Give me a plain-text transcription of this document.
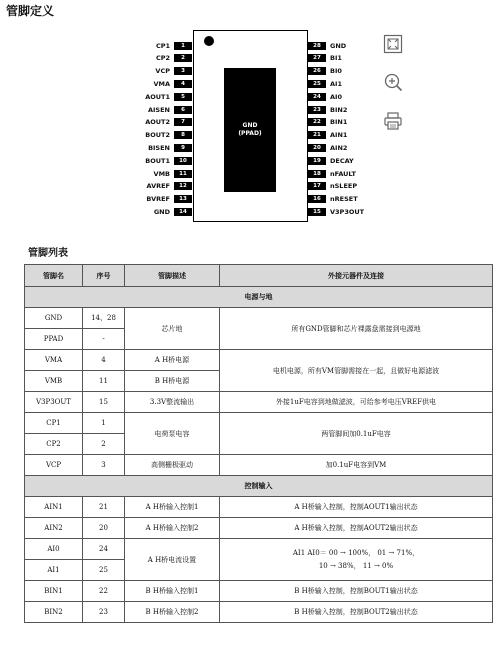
管脚定义
GND
(PPAD)
CP1	1
CP2	2
VCP	3
VMA	4
AOUT1	5
AISEN	6
AOUT2	7
BOUT2	8
BISEN	9
BOUT1	10
VMB	11
AVREF	12
BVREF	13
GND	14
28	GND
27	BI1
26	BI0
25	AI1
24	AI0
23	BIN2
22	BIN1
21	AIN1
20	AIN2
19	DECAY
18	nFAULT
17	nSLEEP
16	nRESET
15	V3P3OUT
管脚列表
管脚名	序号	管脚描述	外接元器件及连接
电源与地			
GND	14、28	芯片地	所有GND管脚和芯片裸露盘需接到电源地
PPAD	-		
VMA	4	A H桥电源	电机电源，所有VM管脚需接在一起，且做好电源滤波
VMB	11	B H桥电源	
V3P3OUT	15	3.3V整流输出	外接1uF电容到地做滤波，可给参考电压VREF供电
CP1	1	电荷泵电容	两管脚间加0.1uF电容
CP2	2		
VCP	3	高侧栅极驱动	加0.1uF电容到VM
控制输入			
AIN1	21	A H桥输入控制1	A H桥输入控制，控制AOUT1输出状态
AIN2	20	A H桥输入控制2	A H桥输入控制，控制AOUT2输出状态
AI0	24	A H桥电流设置	AI1 AI0＝ 00 → 100%， 01 → 71%，
10 → 38%， 11 → 0%

AI1	25		
BIN1	22	B H桥输入控制1	B H桥输入控制，控制BOUT1输出状态
BIN2	23	B H桥输入控制2	B H桥输入控制，控制BOUT2输出状态
